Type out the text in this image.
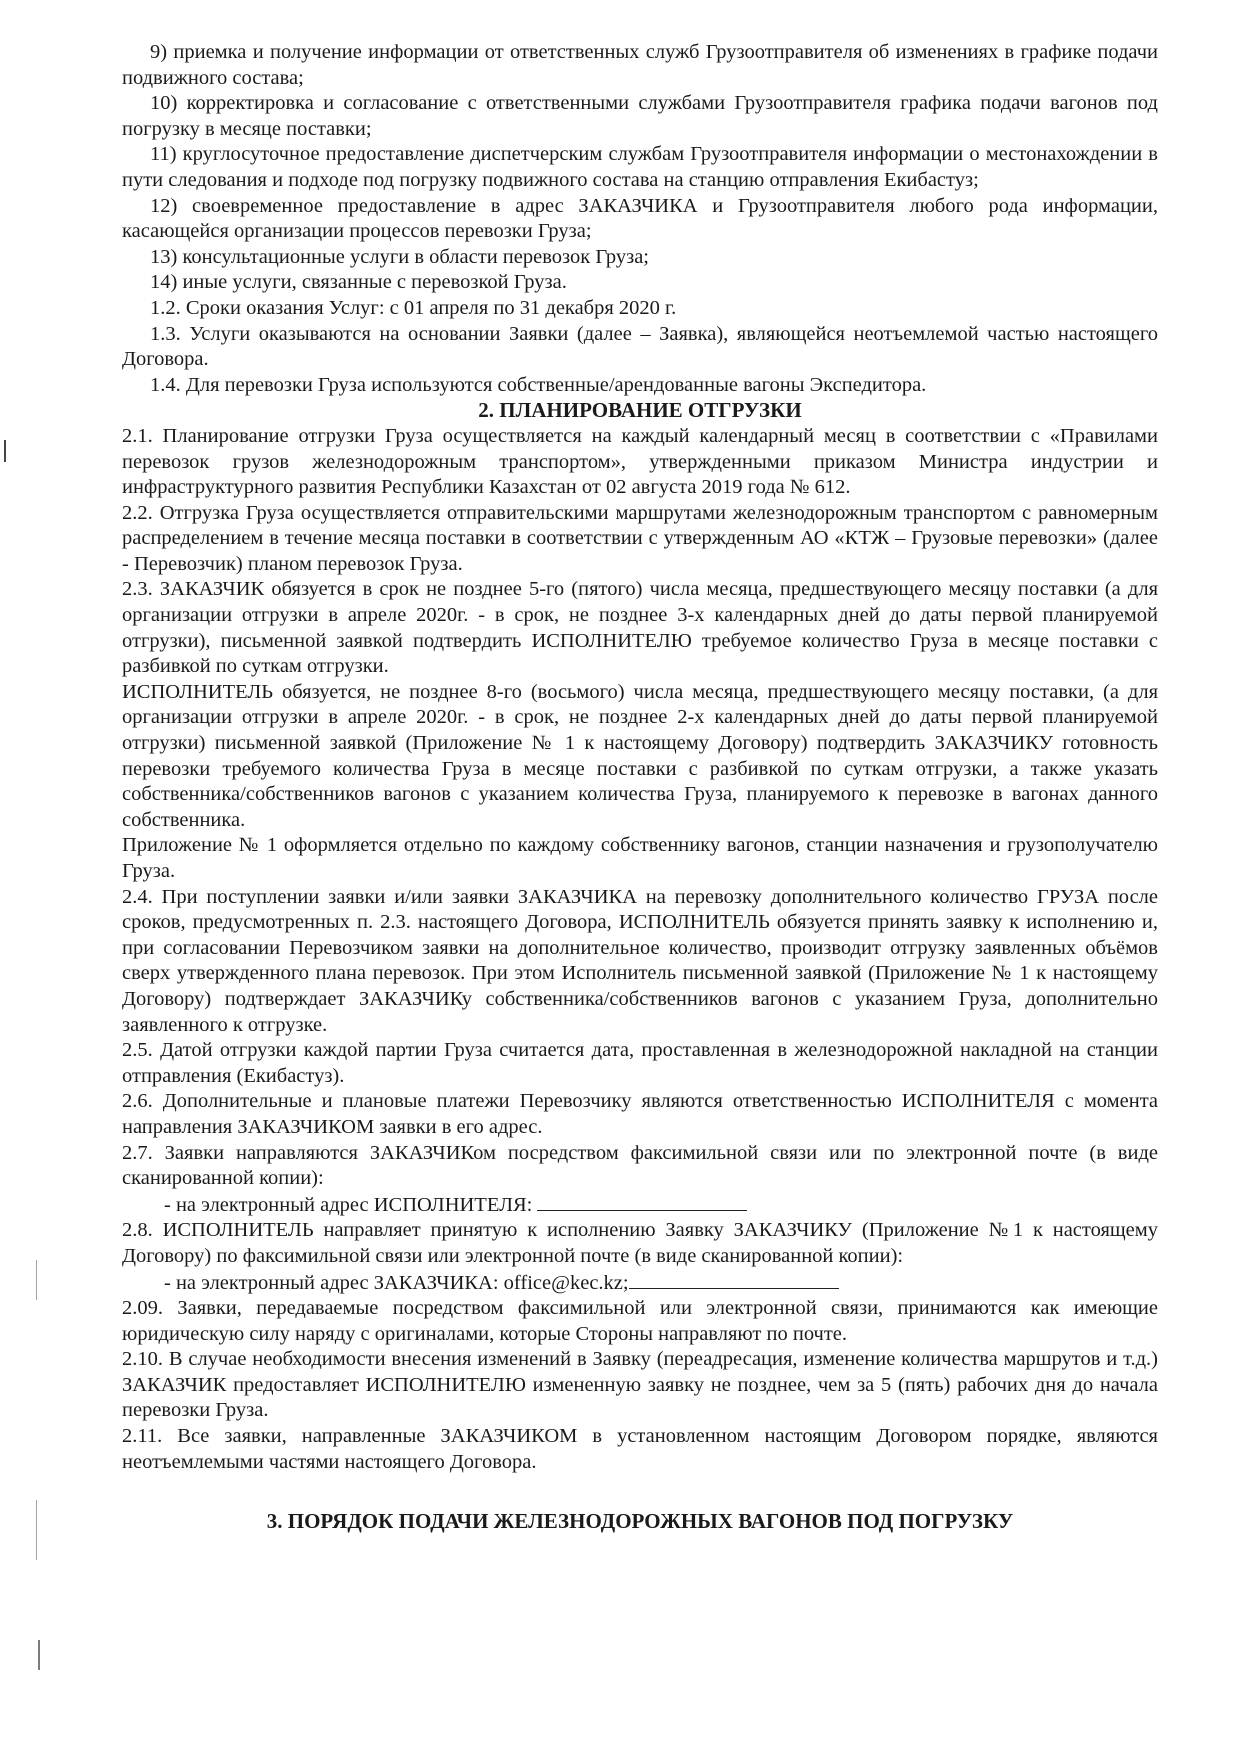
9) приемка и получение информации от ответственных служб Грузоотправителя об изменениях в графике подачи подвижного состава;

10) корректировка и согласование с ответственными службами Грузоотправителя графика подачи вагонов под погрузку в месяце поставки;

11) круглосуточное предоставление диспетчерским службам Грузоотправителя информации о местонахождении в пути следования и подходе под погрузку подвижного состава на станцию отправления Екибастуз;

12) своевременное предоставление в адрес ЗАКАЗЧИКА и Грузоотправителя любого рода информации, касающейся организации процессов перевозки Груза;

13) консультационные услуги в области перевозок Груза;

14) иные услуги, связанные с перевозкой Груза.

1.2. Сроки оказания Услуг: с 01 апреля по 31 декабря 2020 г.

1.3. Услуги оказываются на основании Заявки (далее – Заявка), являющейся неотъемлемой частью настоящего Договора.

1.4. Для перевозки Груза используются собственные/арендованные вагоны Экспедитора.

2. ПЛАНИРОВАНИЕ ОТГРУЗКИ

2.1. Планирование отгрузки Груза осуществляется на каждый календарный месяц в соответствии с «Правилами перевозок грузов железнодорожным транспортом», утвержденными приказом Министра индустрии и инфраструктурного развития Республики Казахстан от 02 августа 2019 года № 612.

2.2. Отгрузка Груза осуществляется отправительскими маршрутами железнодорожным транспортом с равномерным распределением в течение месяца поставки в соответствии с утвержденным АО «КТЖ – Грузовые перевозки» (далее - Перевозчик) планом перевозок Груза.

2.3. ЗАКАЗЧИК обязуется в срок не позднее 5-го (пятого) числа месяца, предшествующего месяцу поставки (а для организации отгрузки в апреле 2020г. - в срок, не позднее 3-х календарных дней до даты первой планируемой отгрузки), письменной заявкой подтвердить ИСПОЛНИТЕЛЮ требуемое количество Груза в месяце поставки с разбивкой по суткам отгрузки.

ИСПОЛНИТЕЛЬ обязуется, не позднее 8-го (восьмого) числа месяца, предшествующего месяцу поставки, (а для организации отгрузки в апреле 2020г. - в срок, не позднее 2-х календарных дней до даты первой планируемой отгрузки) письменной заявкой (Приложение № 1 к настоящему Договору) подтвердить ЗАКАЗЧИКУ готовность перевозки требуемого количества Груза в месяце поставки с разбивкой по суткам отгрузки, а также указать собственника/собственников вагонов с указанием количества Груза, планируемого к перевозке в вагонах данного собственника.

Приложение № 1 оформляется отдельно по каждому собственнику вагонов, станции назначения и грузополучателю Груза.

2.4. При поступлении заявки и/или заявки ЗАКАЗЧИКА на перевозку дополнительного количество ГРУЗА после сроков, предусмотренных п. 2.3. настоящего Договора, ИСПОЛНИТЕЛЬ обязуется принять заявку к исполнению и, при согласовании Перевозчиком заявки на дополнительное количество, производит отгрузку заявленных объёмов сверх утвержденного плана перевозок. При этом Исполнитель письменной заявкой (Приложение № 1 к настоящему Договору) подтверждает ЗАКАЗЧИКу собственника/собственников вагонов с указанием Груза, дополнительно заявленного к отгрузке.

2.5. Датой отгрузки каждой партии Груза считается дата, проставленная в железнодорожной накладной на станции отправления (Екибастуз).

2.6. Дополнительные и плановые платежи Перевозчику являются ответственностью ИСПОЛНИТЕЛЯ с момента направления ЗАКАЗЧИКОМ заявки в его адрес.

2.7. Заявки направляются ЗАКАЗЧИКом посредством факсимильной связи или по электронной почте (в виде сканированной копии):

- на электронный адрес ИСПОЛНИТЕЛЯ:

2.8. ИСПОЛНИТЕЛЬ направляет принятую к исполнению Заявку ЗАКАЗЧИКУ (Приложение №1 к настоящему Договору) по факсимильной связи или электронной почте (в виде сканированной копии):

- на электронный адрес ЗАКАЗЧИКА: office@kec.kz;

2.09. Заявки, передаваемые посредством факсимильной или электронной связи, принимаются как имеющие юридическую силу наряду с оригиналами, которые Стороны направляют по почте.

2.10. В случае необходимости внесения изменений в Заявку (переадресация, изменение количества маршрутов и т.д.) ЗАКАЗЧИК предоставляет ИСПОЛНИТЕЛЮ измененную заявку не позднее, чем за 5 (пять) рабочих дня до начала перевозки Груза.

2.11. Все заявки, направленные ЗАКАЗЧИКОМ в установленном настоящим Договором порядке, являются неотъемлемыми частями настоящего Договора.

3. ПОРЯДОК ПОДАЧИ ЖЕЛЕЗНОДОРОЖНЫХ ВАГОНОВ ПОД ПОГРУЗКУ
